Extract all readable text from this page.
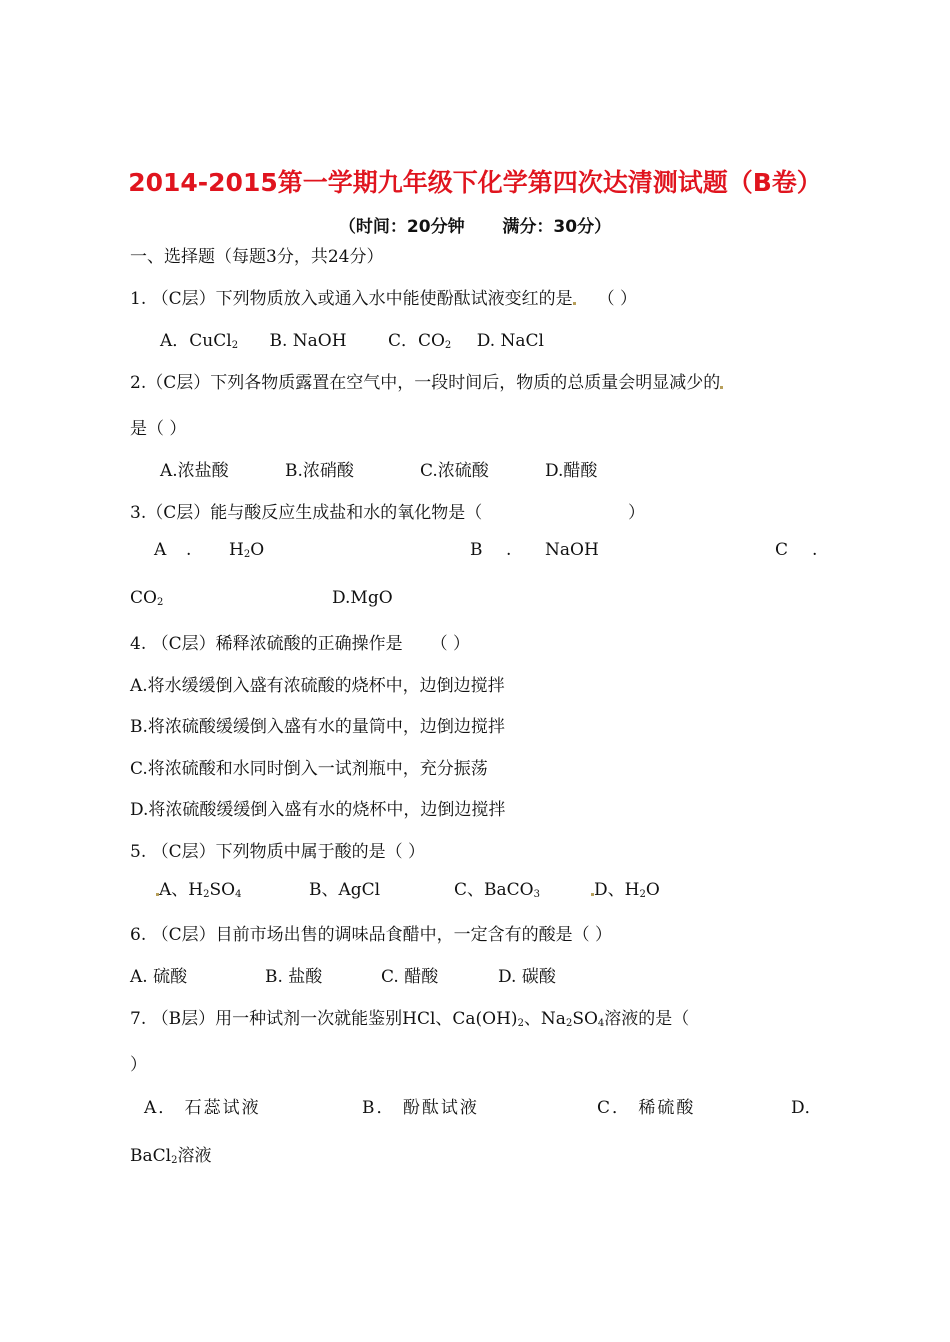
2014-2015第一学期九年级下化学第四次达清测试题（B卷）
（时间：20分钟 满分：30分）
一、选择题（每题3分，共24分）
1. （C层）下列物质放入或通入水中能使酚酞试液变红的是 （ ）
A．CuCl$_2$ B. NaOH C．$CO_2$ D. NaCl
2.（C层）下列各物质露置在空气中，一段时间后，物质的总质量会明显减少的
是（ ）
A.浓盐酸	B.浓硝酸	C.浓硫酸	D.醋酸
3.（C层）能与酸反应生成盐和水的氧化物是（	）
A . $H_2O$	B . NaOH	C .
$CO_2$	D.MgO
4. （C层）稀释浓硫酸的正确操作是 （ ）
A.将水缓缓倒入盛有浓硫酸的烧杯中，边倒边搅拌
B.将浓硫酸缓缓倒入盛有水的量筒中，边倒边搅拌
C.将浓硫酸和水同时倒入一试剂瓶中，充分振荡
D.将浓硫酸缓缓倒入盛有水的烧杯中，边倒边搅拌
5. （C层）下列物质中属于酸的是（ ）
A、$H_2SO_4$	B、AgCl	C、BaCO$_3$	D、$H_2O$
6. （C层）目前市场出售的调味品食醋中，一定含有的酸是（ ）
A. 硫酸	B. 盐酸	C. 醋酸	D. 碳酸
7. （B层）用一种试剂一次就能鉴别HCl、$Ca(OH)_2$、$Na_2SO_4$溶液的是（
）
A． 石蕊试液	B． 酚酞试液	C． 稀硫酸	D．
BaCl$_2$溶液
